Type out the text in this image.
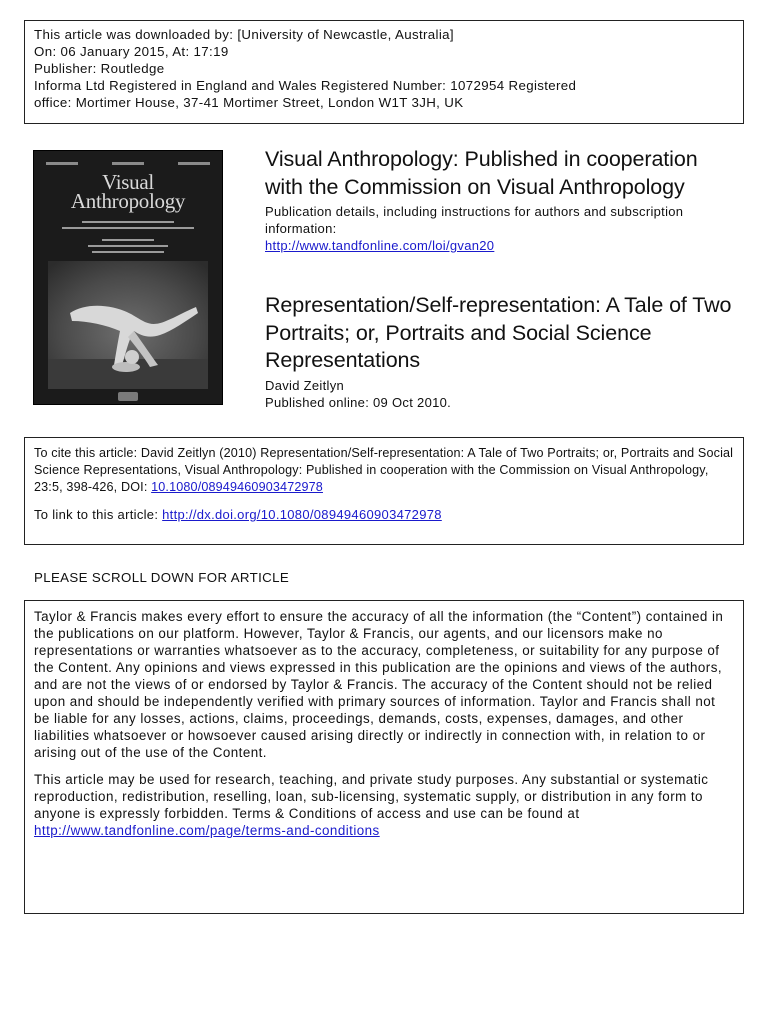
This article was downloaded by: [University of Newcastle, Australia]

On: 06 January 2015, At: 17:19

Publisher: Routledge

Informa Ltd Registered in England and Wales Registered Number: 1072954 Registered

office: Mortimer House, 37-41 Mortimer Street, London W1T 3JH, UK

Visual
Anthropology

Visual Anthropology: Published in cooperation with the Commission on Visual Anthropology

Publication details, including instructions for authors and subscription information:

http://www.tandfonline.com/loi/gvan20

Representation/Self-representation: A Tale of Two Portraits; or, Portraits and Social Science Representations

David Zeitlyn

Published online: 09 Oct 2010.

To cite this article: David Zeitlyn (2010) Representation/Self-representation: A Tale of Two Portraits; or, Portraits and Social Science Representations, Visual Anthropology: Published in cooperation with the Commission on Visual Anthropology, 23:5, 398-426, DOI: 10.1080/08949460903472978

To link to this article: http://dx.doi.org/10.1080/08949460903472978

PLEASE SCROLL DOWN FOR ARTICLE

Taylor & Francis makes every effort to ensure the accuracy of all the information (the “Content”) contained in the publications on our platform. However, Taylor & Francis, our agents, and our licensors make no representations or warranties whatsoever as to the accuracy, completeness, or suitability for any purpose of the Content. Any opinions and views expressed in this publication are the opinions and views of the authors, and are not the views of or endorsed by Taylor & Francis. The accuracy of the Content should not be relied upon and should be independently verified with primary sources of information. Taylor and Francis shall not be liable for any losses, actions, claims, proceedings, demands, costs, expenses, damages, and other liabilities whatsoever or howsoever caused arising directly or indirectly in connection with, in relation to or arising out of the use of the Content.

This article may be used for research, teaching, and private study purposes. Any substantial or systematic reproduction, redistribution, reselling, loan, sub-licensing, systematic supply, or distribution in any form to anyone is expressly forbidden. Terms & Conditions of access and use can be found at http://www.tandfonline.com/page/terms-and-conditions
